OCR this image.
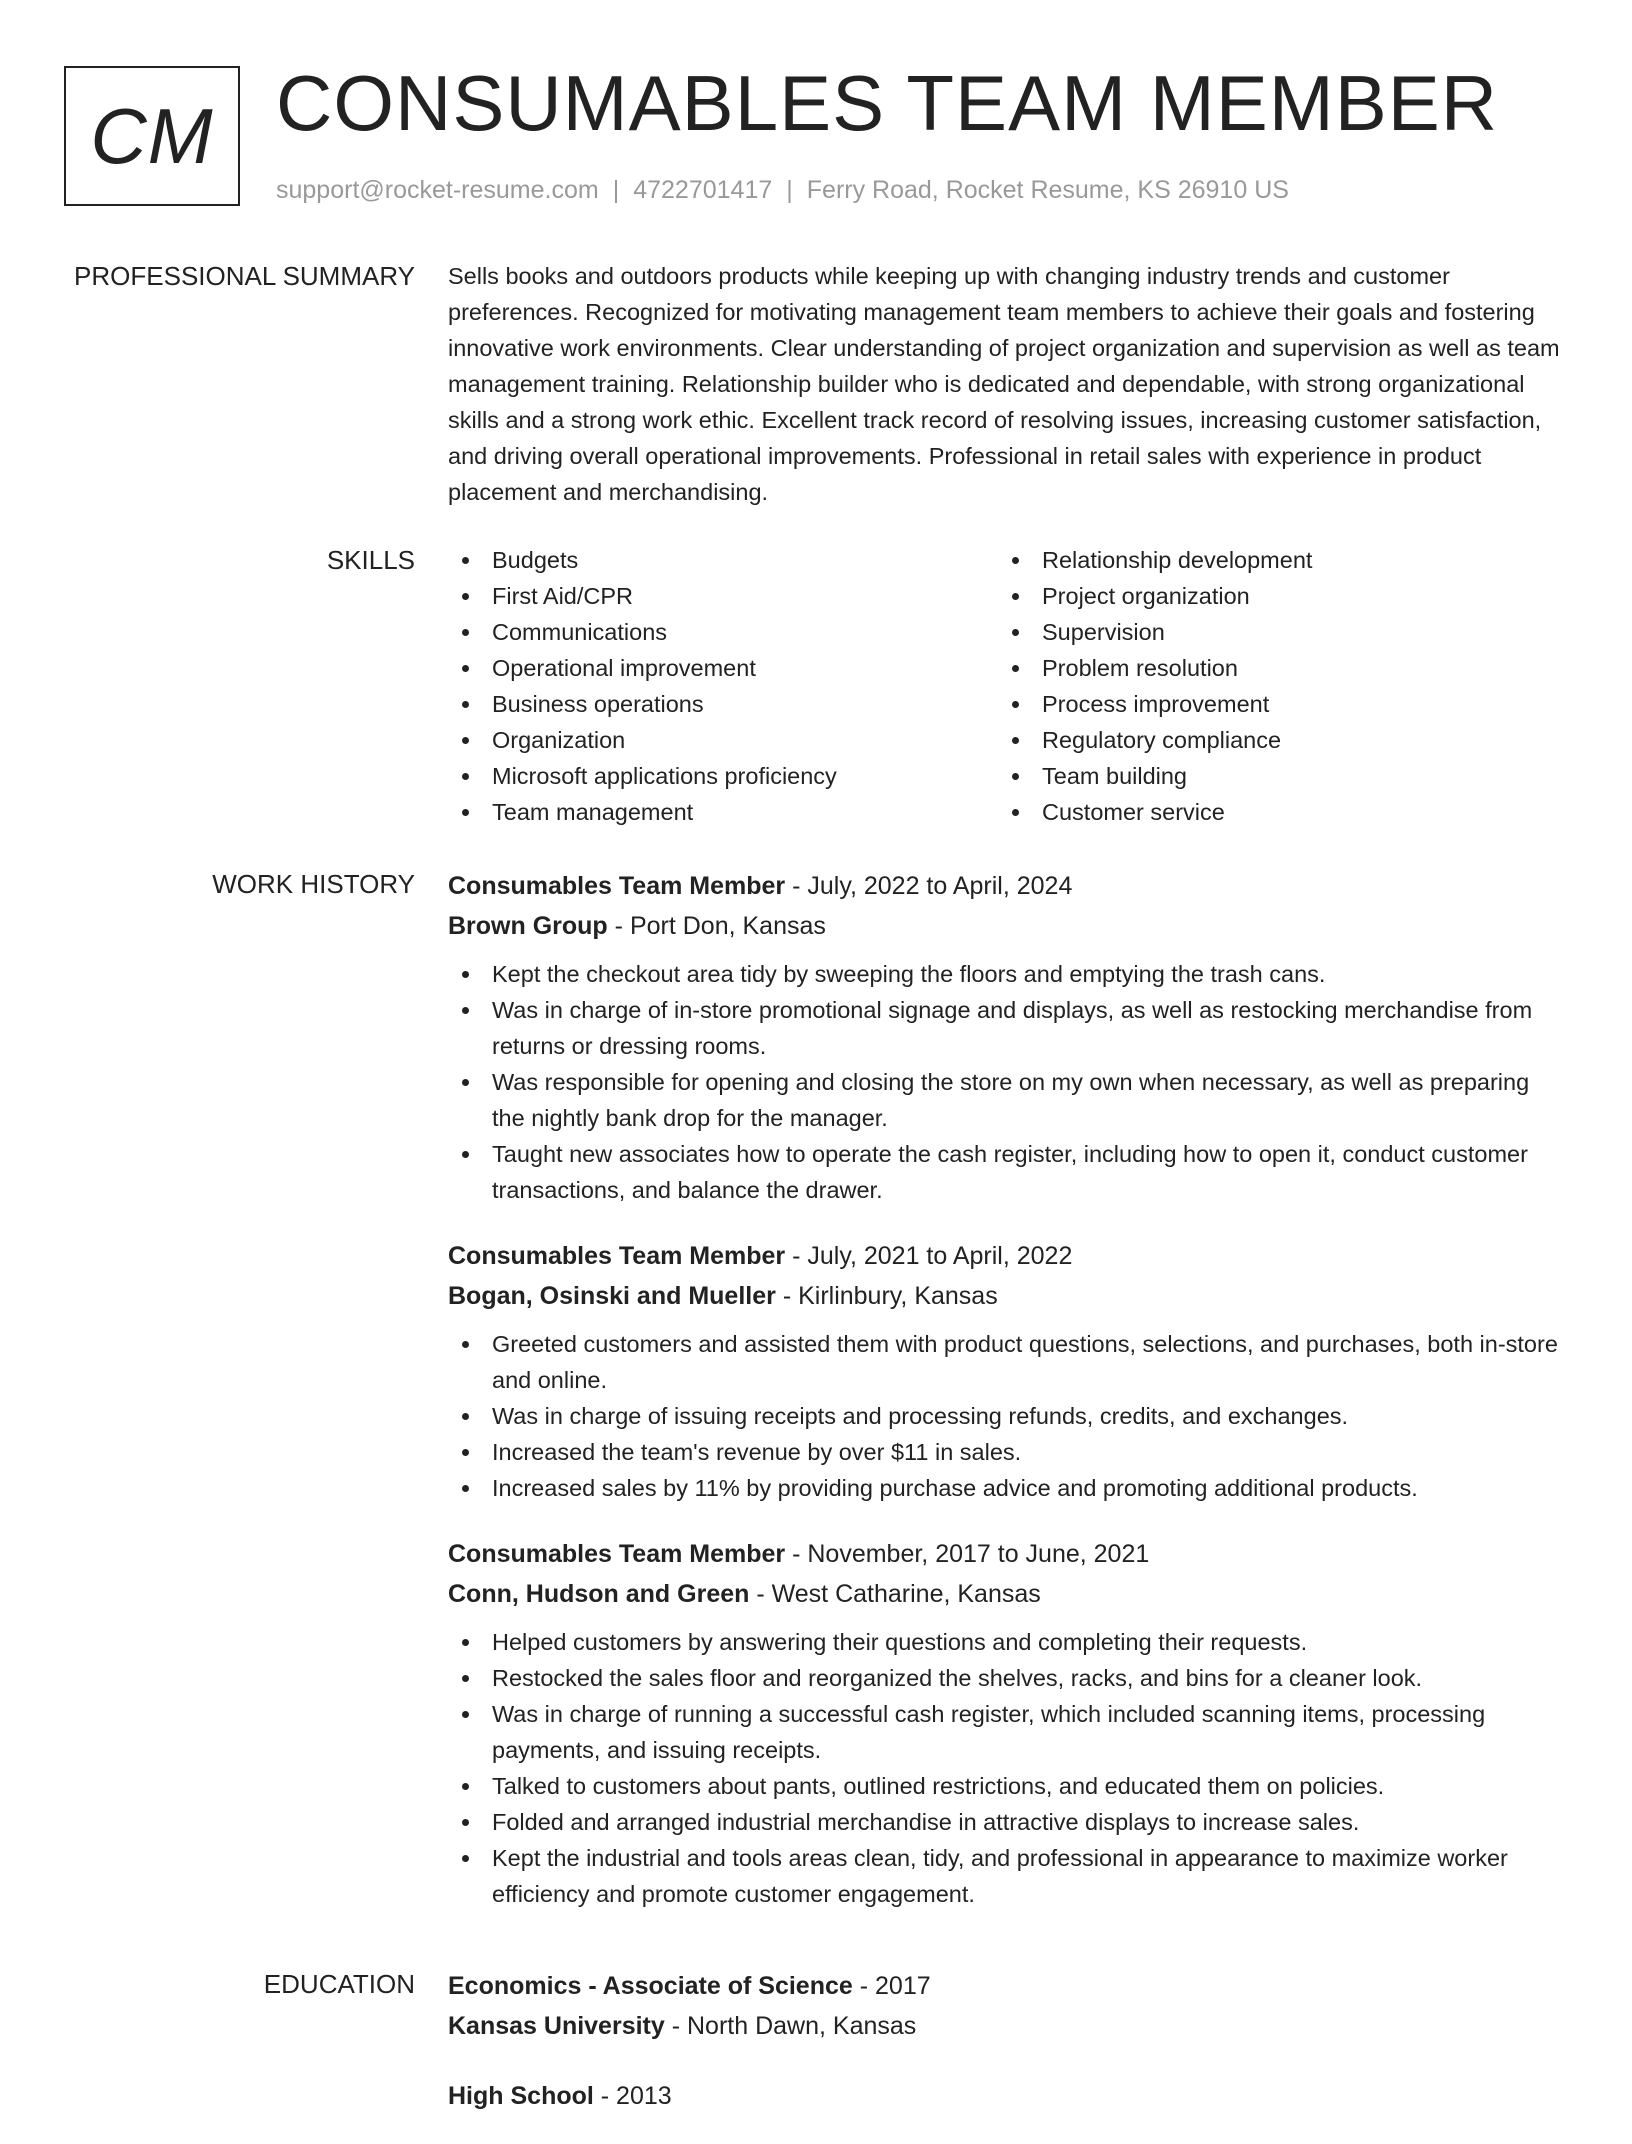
CM CONSUMABLES TEAM MEMBER
support@rocket-resume.com | 4722701417 | Ferry Road, Rocket Resume, KS 26910 US
PROFESSIONAL SUMMARY Sells books and outdoors products while keeping up with changing industry trends and customer preferences. Recognized for motivating management team members to achieve their goals and fostering innovative work environments. Clear understanding of project organization and supervision as well as team management training. Relationship builder who is dedicated and dependable, with strong organizational skills and a strong work ethic. Excellent track record of resolving issues, increasing customer satisfaction, and driving overall operational improvements. Professional in retail sales with experience in product placement and merchandising.

SKILLS	Budgets
First Aid/CPR
Communications
Operational improvement
Business operations
Organization
Microsoft applications proficiency
Team management
Relationship development
Project organization
Supervision
Problem resolution
Process improvement
Regulatory compliance
Team building
Customer service
WORK HISTORY Consumables Team Member - July, 2022 to April, 2024
Brown Group - Port Don, Kansas
Kept the checkout area tidy by sweeping the floors and emptying the trash cans.
Was in charge of in-store promotional signage and displays, as well as restocking merchandise from returns or dressing rooms.
Was responsible for opening and closing the store on my own when necessary, as well as preparing the nightly bank drop for the manager.
Taught new associates how to operate the cash register, including how to open it, conduct customer transactions, and balance the drawer.
Consumables Team Member - July, 2021 to April, 2022
Bogan, Osinski and Mueller - Kirlinbury, Kansas
Greeted customers and assisted them with product questions, selections, and purchases, both in-store and online.
Was in charge of issuing receipts and processing refunds, credits, and exchanges.
Increased the team's revenue by over $11 in sales.
Increased sales by 11% by providing purchase advice and promoting additional products.
Consumables Team Member - November, 2017 to June, 2021
Conn, Hudson and Green - West Catharine, Kansas
Helped customers by answering their questions and completing their requests.
Restocked the sales floor and reorganized the shelves, racks, and bins for a cleaner look.
Was in charge of running a successful cash register, which included scanning items, processing payments, and issuing receipts.
Talked to customers about pants, outlined restrictions, and educated them on policies.
Folded and arranged industrial merchandise in attractive displays to increase sales.
Kept the industrial and tools areas clean, tidy, and professional in appearance to maximize worker efficiency and promote customer engagement.
EDUCATION Economics - Associate of Science - 2017
Kansas University - North Dawn, Kansas
High School - 2013
